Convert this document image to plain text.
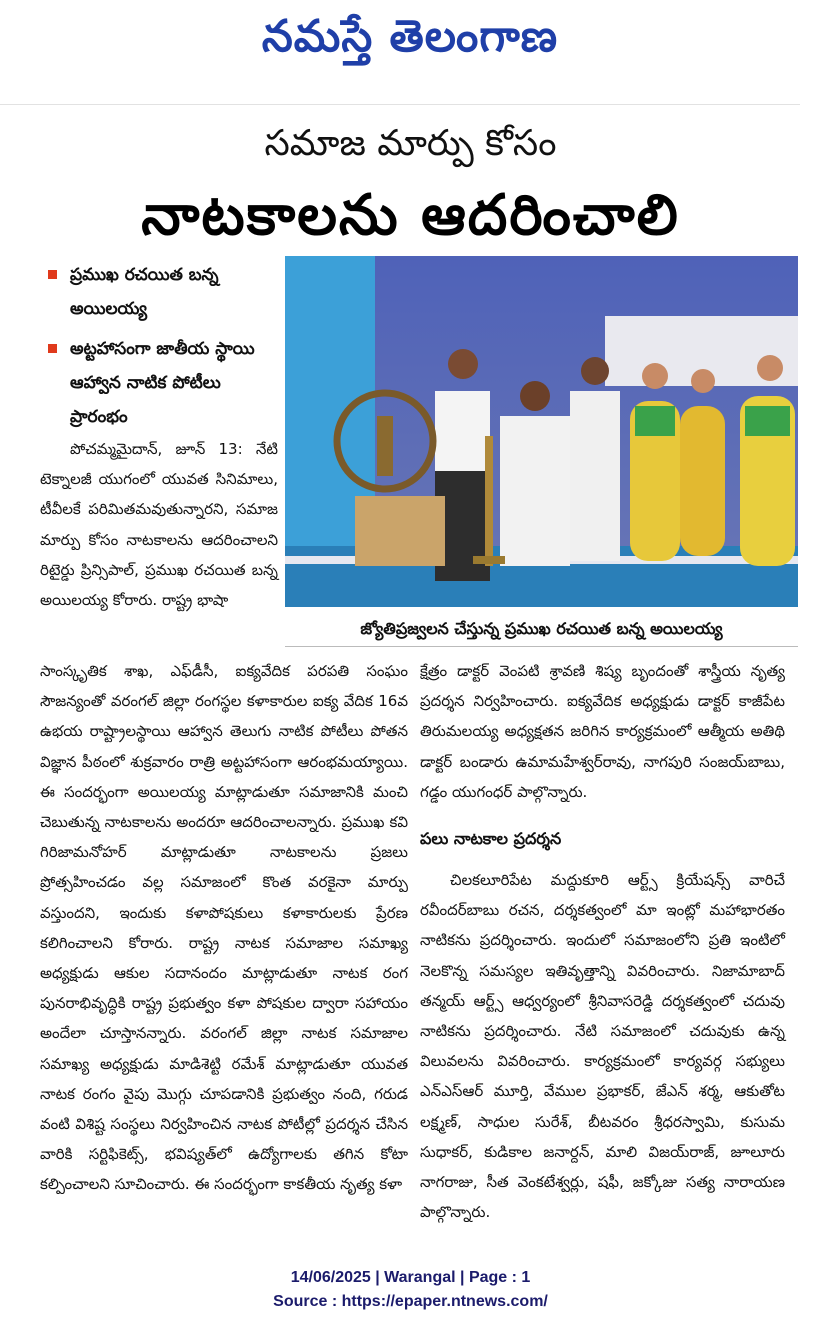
నమస్తే తెలంగాణ
సమాజ మార్పు కోసం
నాటకాలను ఆదరించాలి
ప్రముఖ రచయిత బన్న అయిలయ్య
అట్టహాసంగా జాతీయ స్థాయి ఆహ్వాన నాటిక పోటీలు ప్రారంభం
జ్యోతిప్రజ్వలన చేస్తున్న ప్రముఖ రచయిత బన్న అయిలయ్య

పోచమ్మమైదాన్, జూన్ 13: నేటి టెక్నాలజీ యుగంలో యువత సినిమాలు, టీవీలకే పరిమితమవుతున్నారని, సమాజ మార్పు కోసం నాటకాలను ఆదరించాలని రిటైర్డు ప్రిన్సిపాల్, ప్రముఖ రచయిత బన్న అయిలయ్య కోరారు. రాష్ట్ర భాషా

సాంస్కృతిక శాఖ, ఎఫ్‌డీసీ, ఐక్యవేదిక పరపతి సంఘం సౌజన్యంతో వరంగల్ జిల్లా రంగస్థల కళాకారుల ఐక్య వేదిక 16వ ఉభయ రాష్ట్రాలస్థాయి ఆహ్వాన తెలుగు నాటిక పోటీలు పోతన విజ్ఞాన పీఠంలో శుక్రవారం రాత్రి అట్టహాసంగా ఆరంభమయ్యాయి. ఈ సందర్భంగా అయిలయ్య మాట్లాడుతూ సమాజానికి మంచి చెబుతున్న నాటకాలను అందరూ ఆదరించాలన్నారు. ప్రముఖ కవి గిరిజామనోహర్ మాట్లాడుతూ నాటకాలను ప్రజలు ప్రోత్సహించడం వల్ల సమాజంలో కొంత వరకైనా మార్పు వస్తుందని, ఇందుకు కళాపోషకులు కళాకారులకు ప్రేరణ కలిగించాలని కోరారు. రాష్ట్ర నాటక సమాజాల సమాఖ్య అధ్యక్షుడు ఆకుల సదానందం మాట్లాడుతూ నాటక రంగ పునరాభివృద్ధికి రాష్ట్ర ప్రభుత్వం కళా పోషకుల ద్వారా సహాయం అందేలా చూస్తానన్నారు. వరంగల్ జిల్లా నాటక సమాజాల సమాఖ్య అధ్యక్షుడు మాడిశెట్టి రమేశ్ మాట్లాడుతూ యువత నాటక రంగం వైపు మొగ్గు చూపడానికి ప్రభుత్వం నంది, గరుడ వంటి విశిష్ట సంస్థలు నిర్వహించిన నాటక పోటీల్లో ప్రదర్శన చేసిన వారికి సర్టిఫికెట్స్, భవిష్యత్‌లో ఉద్యోగాలకు తగిన కోటా కల్పించాలని సూచించారు. ఈ సందర్భంగా కాకతీయ నృత్య కళా

క్షేత్రం డాక్టర్ వెంపటి శ్రావణి శిష్య బృందంతో శాస్త్రీయ నృత్య ప్రదర్శన నిర్వహించారు. ఐక్యవేదిక అధ్యక్షుడు డాక్టర్ కాజీపేట తిరుమలయ్య అధ్యక్షతన జరిగిన కార్యక్రమంలో ఆత్మీయ అతిథి డాక్టర్ బండారు ఉమామహేశ్వర్‌రావు, నాగపురి సంజయ్‌బాబు, గడ్డం యుగంధర్ పాల్గొన్నారు.

పలు నాటకాల ప్రదర్శన

చిలకలూరిపేట మద్దుకూరి ఆర్ట్స్ క్రియేషన్స్ వారిచే రవీందర్‌బాబు రచన, దర్శకత్వంలో మా ఇంట్లో మహాభారతం నాటికను ప్రదర్శించారు. ఇందులో సమాజంలోని ప్రతి ఇంటిలో నెలకొన్న సమస్యల ఇతివృత్తాన్ని వివరించారు. నిజామాబాద్ తన్మయ్ ఆర్ట్స్ ఆధ్వర్యంలో శ్రీనివాసరెడ్డి దర్శకత్వంలో చదువు నాటికను ప్రదర్శించారు. నేటి సమాజంలో చదువుకు ఉన్న విలువలను వివరించారు. కార్యక్రమంలో కార్యవర్గ సభ్యులు ఎన్‌ఎస్‌ఆర్ మూర్తి, వేముల ప్రభాకర్, జేఎన్ శర్మ, ఆకుతోట లక్ష్మణ్, సాధుల సురేశ్, బీటవరం శ్రీధరస్వామి, కుసుమ సుధాకర్, కుడికాల జనార్దన్, మాలి విజయ్‌రాజ్, జూలూరు నాగరాజు, సీత వెంకటేశ్వర్లు, షఫీ, జక్కోజు సత్య నారాయణ పాల్గొన్నారు.

14/06/2025 | Warangal | Page : 1
Source : https://epaper.ntnews.com/
